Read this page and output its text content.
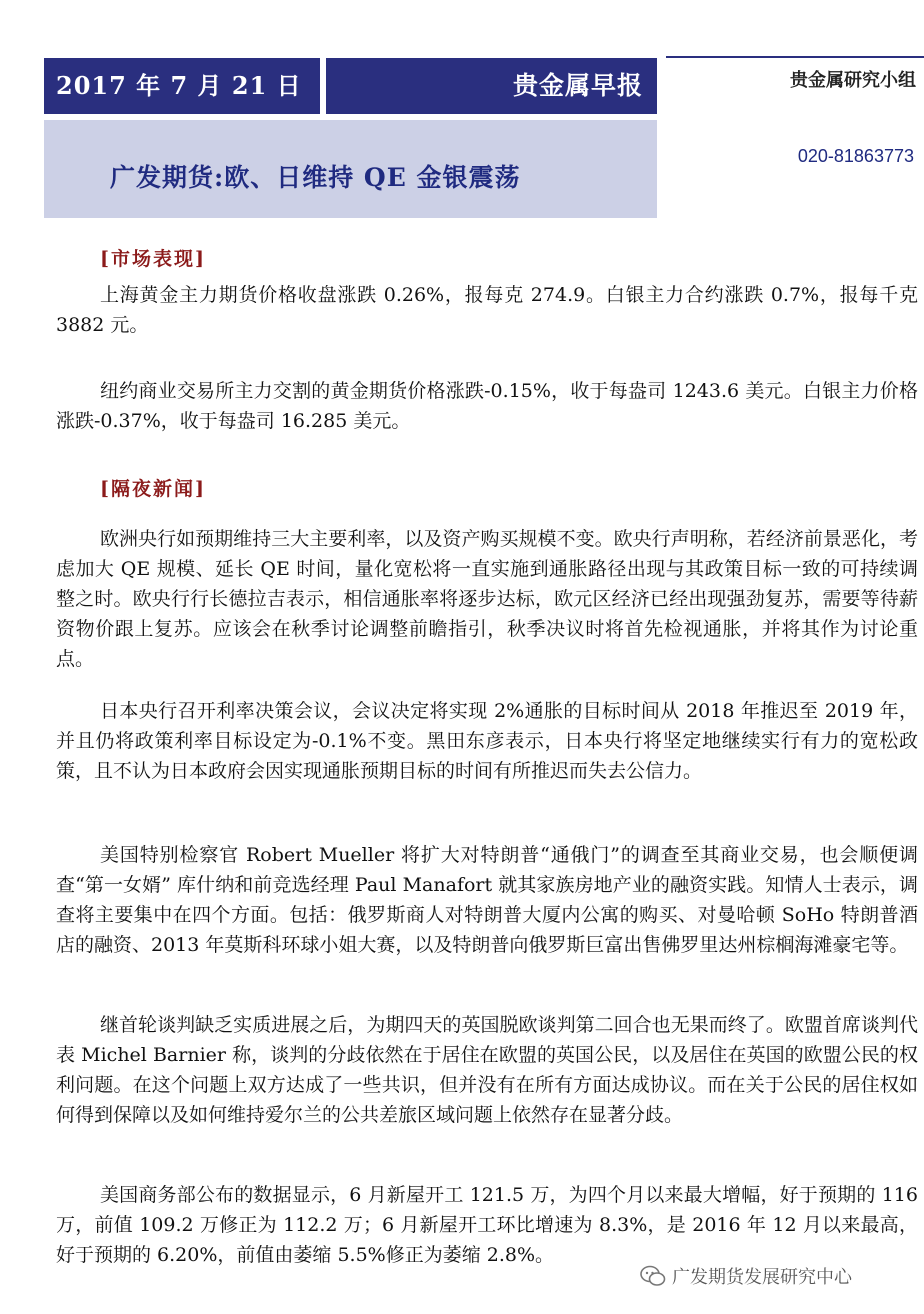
2017 年 7 月 21 日	贵金属早报	贵金属研究小组
广发期货:欧、日维持 QE 金银震荡
020-81863773
[市场表现]

上海黄金主力期货价格收盘涨跌 0.26%，报每克 274.9。白银主力合约涨跌 0.7%，报每千克 3882 元。

纽约商业交易所主力交割的黄金期货价格涨跌-0.15%，收于每盎司 1243.6 美元。白银主力价格涨跌-0.37%，收于每盎司 16.285 美元。

[隔夜新闻]

欧洲央行如预期维持三大主要利率，以及资产购买规模不变。欧央行声明称，若经济前景恶化，考虑加大 QE 规模、延长 QE 时间，量化宽松将一直实施到通胀路径出现与其政策目标一致的可持续调整之时。欧央行行长德拉吉表示，相信通胀率将逐步达标，欧元区经济已经出现强劲复苏，需要等待薪资物价跟上复苏。应该会在秋季讨论调整前瞻指引，秋季决议时将首先检视通胀，并将其作为讨论重点。

日本央行召开利率决策会议，会议决定将实现 2%通胀的目标时间从 2018 年推迟至 2019 年，并且仍将政策利率目标设定为-0.1%不变。黑田东彦表示，日本央行将坚定地继续实行有力的宽松政策，且不认为日本政府会因实现通胀预期目标的时间有所推迟而失去公信力。

美国特别检察官 Robert Mueller 将扩大对特朗普“通俄门”的调查至其商业交易，也会顺便调查“第一女婿” 库什纳和前竞选经理 Paul Manafort 就其家族房地产业的融资实践。知情人士表示，调查将主要集中在四个方面。包括：俄罗斯商人对特朗普大厦内公寓的购买、对曼哈顿 SoHo 特朗普酒店的融资、2013 年莫斯科环球小姐大赛，以及特朗普向俄罗斯巨富出售佛罗里达州棕榈海滩豪宅等。

继首轮谈判缺乏实质进展之后，为期四天的英国脱欧谈判第二回合也无果而终了。欧盟首席谈判代表 Michel Barnier 称，谈判的分歧依然在于居住在欧盟的英国公民，以及居住在英国的欧盟公民的权利问题。在这个问题上双方达成了一些共识，但并没有在所有方面达成协议。而在关于公民的居住权如何得到保障以及如何维持爱尔兰的公共差旅区域问题上依然存在显著分歧。

美国商务部公布的数据显示，6 月新屋开工 121.5 万，为四个月以来最大增幅，好于预期的 116 万，前值 109.2 万修正为 112.2 万；6 月新屋开工环比增速为 8.3%，是 2016 年 12 月以来最高，好于预期的 6.20%，前值由萎缩 5.5%修正为萎缩 2.8%。

广发期货发展研究中心
